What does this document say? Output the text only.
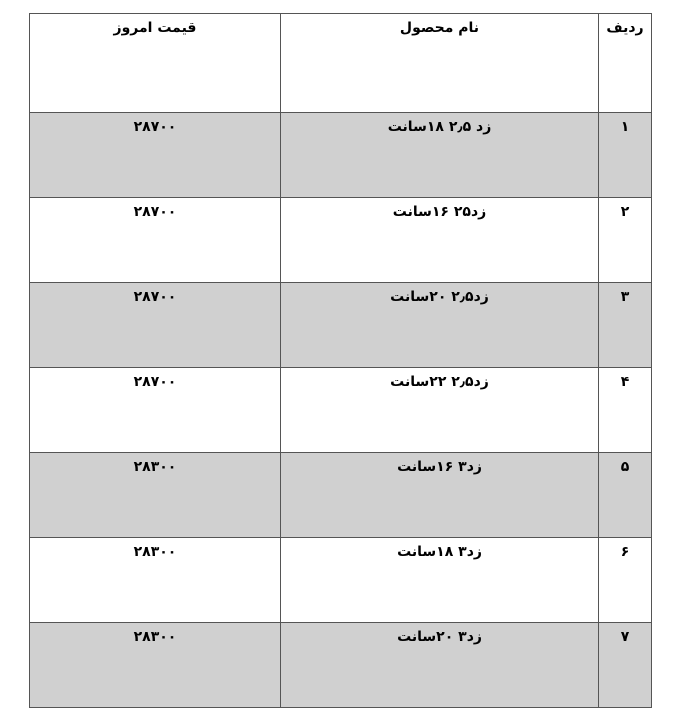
ردیف	نام محصول	قیمت امروز
۱	زد ۲٫۵ ۱۸سانت	۲۸۷۰۰
۲	زد۲۵ ۱۶سانت	۲۸۷۰۰
۳	زد۲٫۵ ۲۰سانت	۲۸۷۰۰
۴	زد۲٫۵ ۲۲سانت	۲۸۷۰۰
۵	زد۳ ۱۶سانت	۲۸۳۰۰
۶	زد۳ ۱۸سانت	۲۸۳۰۰
۷	زد۳ ۲۰سانت	۲۸۳۰۰
